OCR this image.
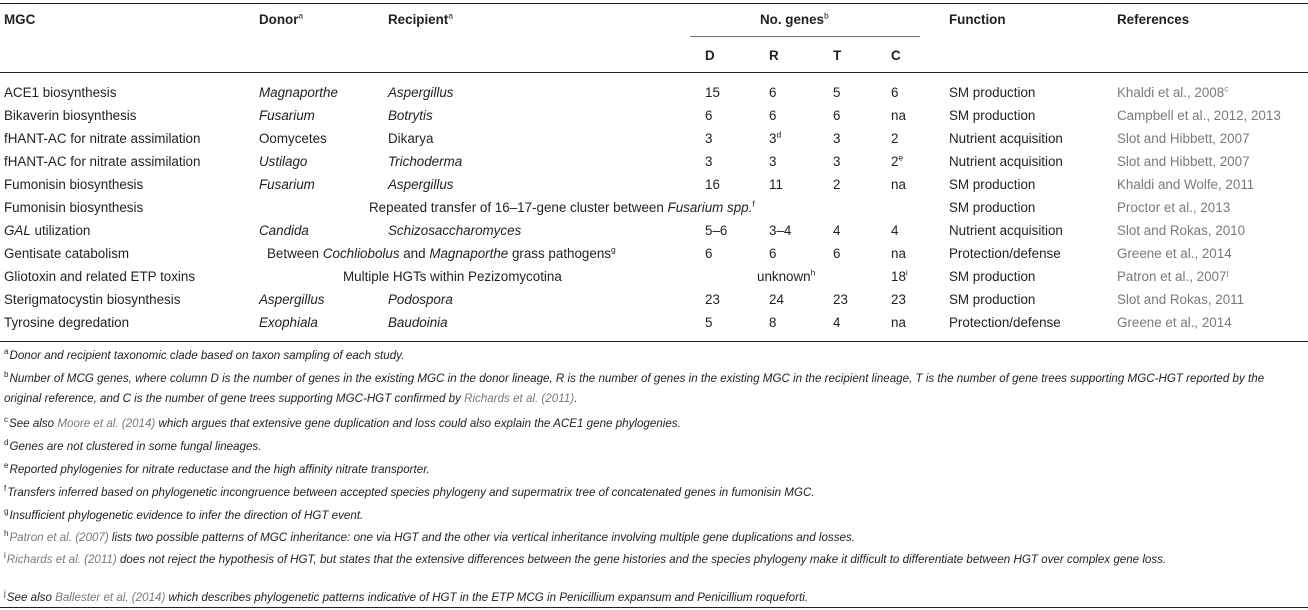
MGC	Donor$^a$	Recipient$^a$	No. genes$^b$	Function	References
D	R	T	C
ACE1 biosynthesis	Magnaporthe	Aspergillus	15	6	5	6	SM production	Khaldi et al., 2008$^c$
Bikaverin biosynthesis	Fusarium	Botrytis	6	6	6	na	SM production	Campbell et al., 2012, 2013
fHANT-AC for nitrate assimilation	Oomycetes	Dikarya	3	3$^d$	3	2	Nutrient acquisition	Slot and Hibbett, 2007
fHANT-AC for nitrate assimilation	Ustilago	Trichoderma	3	3	3	2e	Nutrient acquisition	Slot and Hibbett, 2007
Fumonisin biosynthesis	Fusarium	Aspergillus	16	11	2	na	SM production	Khaldi and Wolfe, 2011
Fumonisin biosynthesis	Repeated transfer of 16–17-gene cluster between Fusarium spp.$^f$	SM production	Proctor et al., 2013
GAL utilization	Candida	Schizosaccharomyces	5–6	3–4	4	4	Nutrient acquisition	Slot and Rokas, 2010
Gentisate catabolism	Between Cochliobolus and Magnaporthe grass pathogens$^g$	6	6	6	na	Protection/defense	Greene et al., 2014
Gliotoxin and related ETP toxins	Multiple HGTs within Pezizomycotina	unknown$^h$	18$^i$	SM production	Patron et al., 2007$^j$
Sterigmatocystin biosynthesis	Aspergillus	Podospora	23	24	23	23	SM production	Slot and Rokas, 2011
Tyrosine degredation	Exophiala	Baudoinia	5	8	4	na	Protection/defense	Greene et al., 2014
$^a$Donor and recipient taxonomic clade based on taxon sampling of each study.
$^b$Number of MCG genes, where column D is the number of genes in the existing MGC in the donor lineage, R is the number of genes in the existing MGC in the recipient lineage, T is the number of gene trees supporting MGC-HGT reported by the original reference, and C is the number of gene trees supporting MGC-HGT confirmed by Richards et al. (2011).
$^c$See also Moore et al. (2014) which argues that extensive gene duplication and loss could also explain the ACE1 gene phylogenies.
$^d$Genes are not clustered in some fungal lineages.
$^e$Reported phylogenies for nitrate reductase and the high affinity nitrate transporter.
$^f$Transfers inferred based on phylogenetic incongruence between accepted species phylogeny and supermatrix tree of concatenated genes in fumonisin MGC.
$^g$Insufficient phylogenetic evidence to infer the direction of HGT event.
$^h$Patron et al. (2007) lists two possible patterns of MGC inheritance: one via HGT and the other via vertical inheritance involving multiple gene duplications and losses.
$^i$Richards et al. (2011) does not reject the hypothesis of HGT, but states that the extensive differences between the gene histories and the species phylogeny make it difficult to differentiate between HGT over complex gene loss.
$^j$See also Ballester et al. (2014) which describes phylogenetic patterns indicative of HGT in the ETP MCG in Penicillium expansum and Penicillium roqueforti.
